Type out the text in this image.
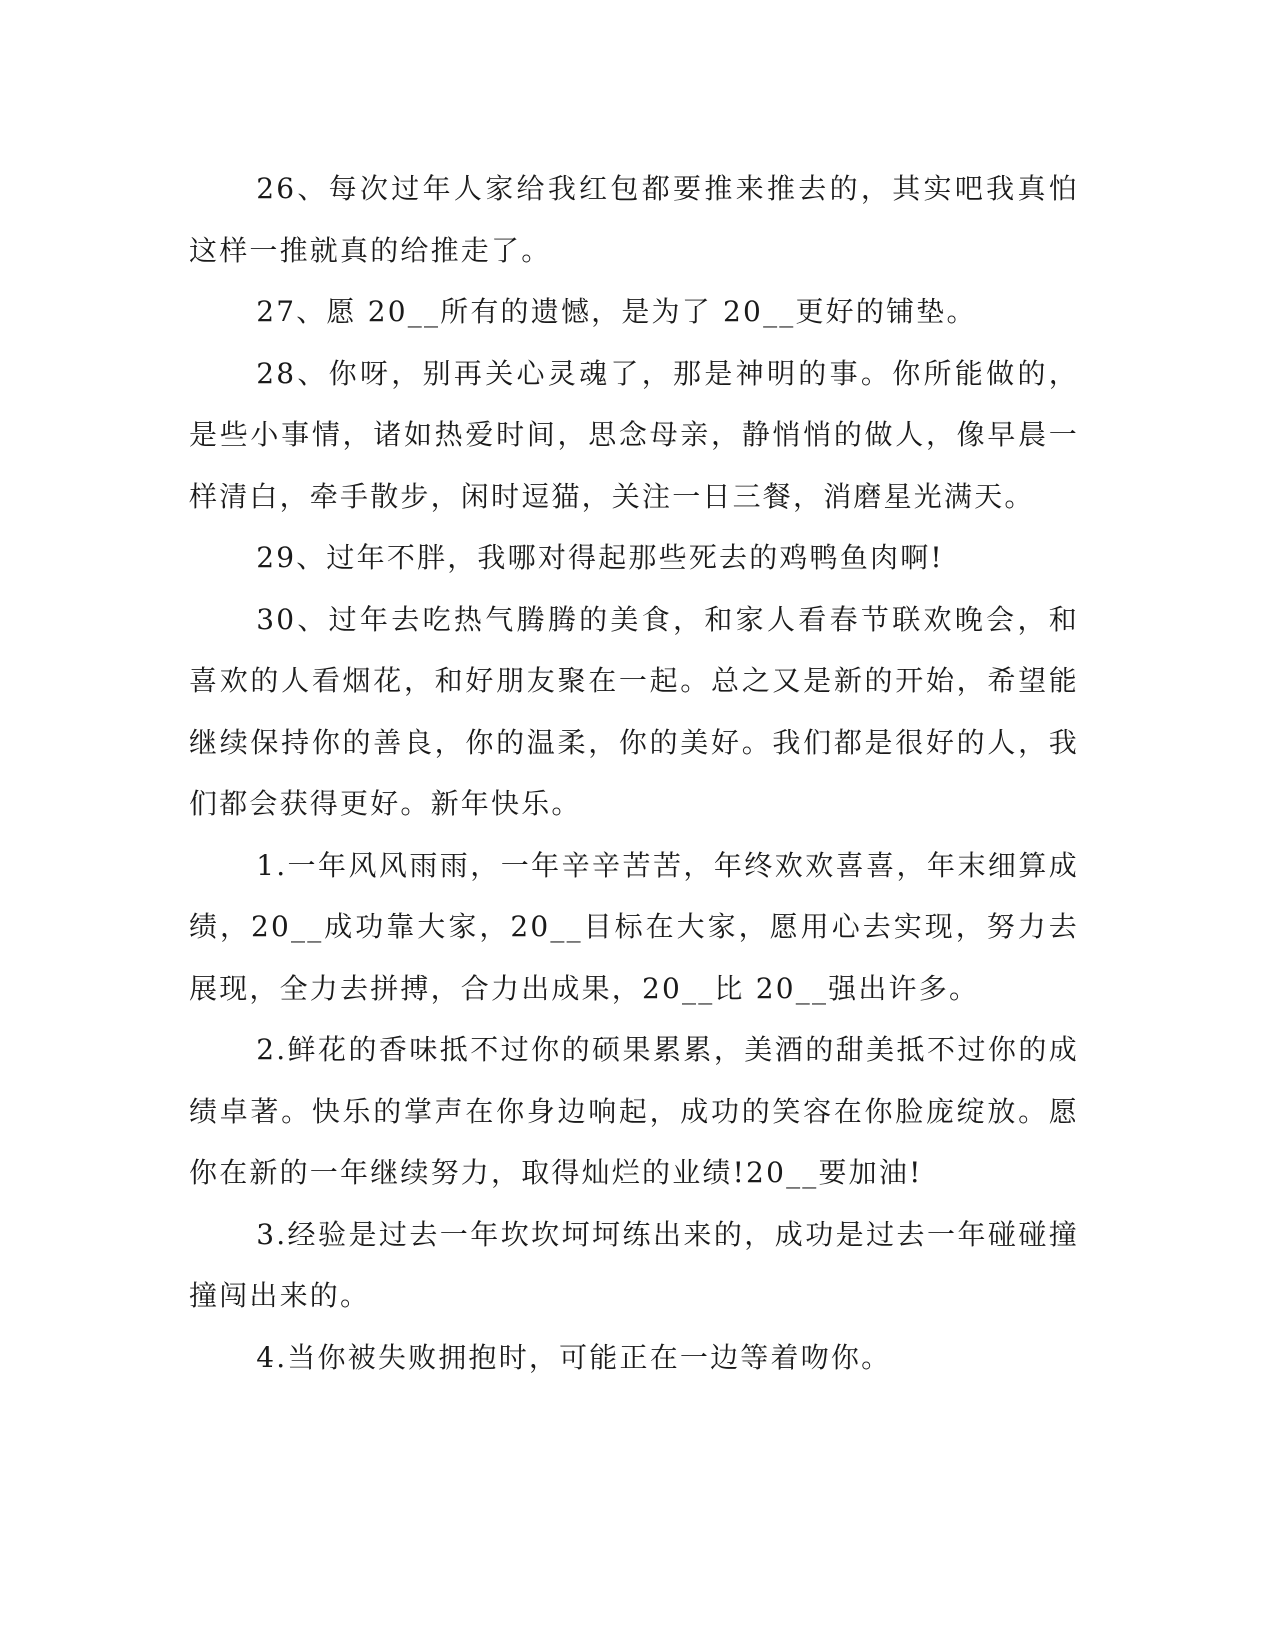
26、每次过年人家给我红包都要推来推去的，其实吧我真怕这样一推就真的给推走了。

27、愿 20__所有的遗憾，是为了 20__更好的铺垫。

28、你呀，别再关心灵魂了，那是神明的事。你所能做的，是些小事情，诸如热爱时间，思念母亲，静悄悄的做人，像早晨一样清白，牵手散步，闲时逗猫，关注一日三餐，消磨星光满天。

29、过年不胖，我哪对得起那些死去的鸡鸭鱼肉啊!

30、过年去吃热气腾腾的美食，和家人看春节联欢晚会，和喜欢的人看烟花，和好朋友聚在一起。总之又是新的开始，希望能继续保持你的善良，你的温柔，你的美好。我们都是很好的人，我们都会获得更好。新年快乐。

1.一年风风雨雨，一年辛辛苦苦，年终欢欢喜喜，年末细算成绩，20__成功靠大家，20__目标在大家，愿用心去实现，努力去展现，全力去拼搏，合力出成果，20__比 20__强出许多。

2.鲜花的香味抵不过你的硕果累累，美酒的甜美抵不过你的成绩卓著。快乐的掌声在你身边响起，成功的笑容在你脸庞绽放。愿你在新的一年继续努力，取得灿烂的业绩!20__要加油!

3.经验是过去一年坎坎坷坷练出来的，成功是过去一年碰碰撞撞闯出来的。

4.当你被失败拥抱时，可能正在一边等着吻你。
